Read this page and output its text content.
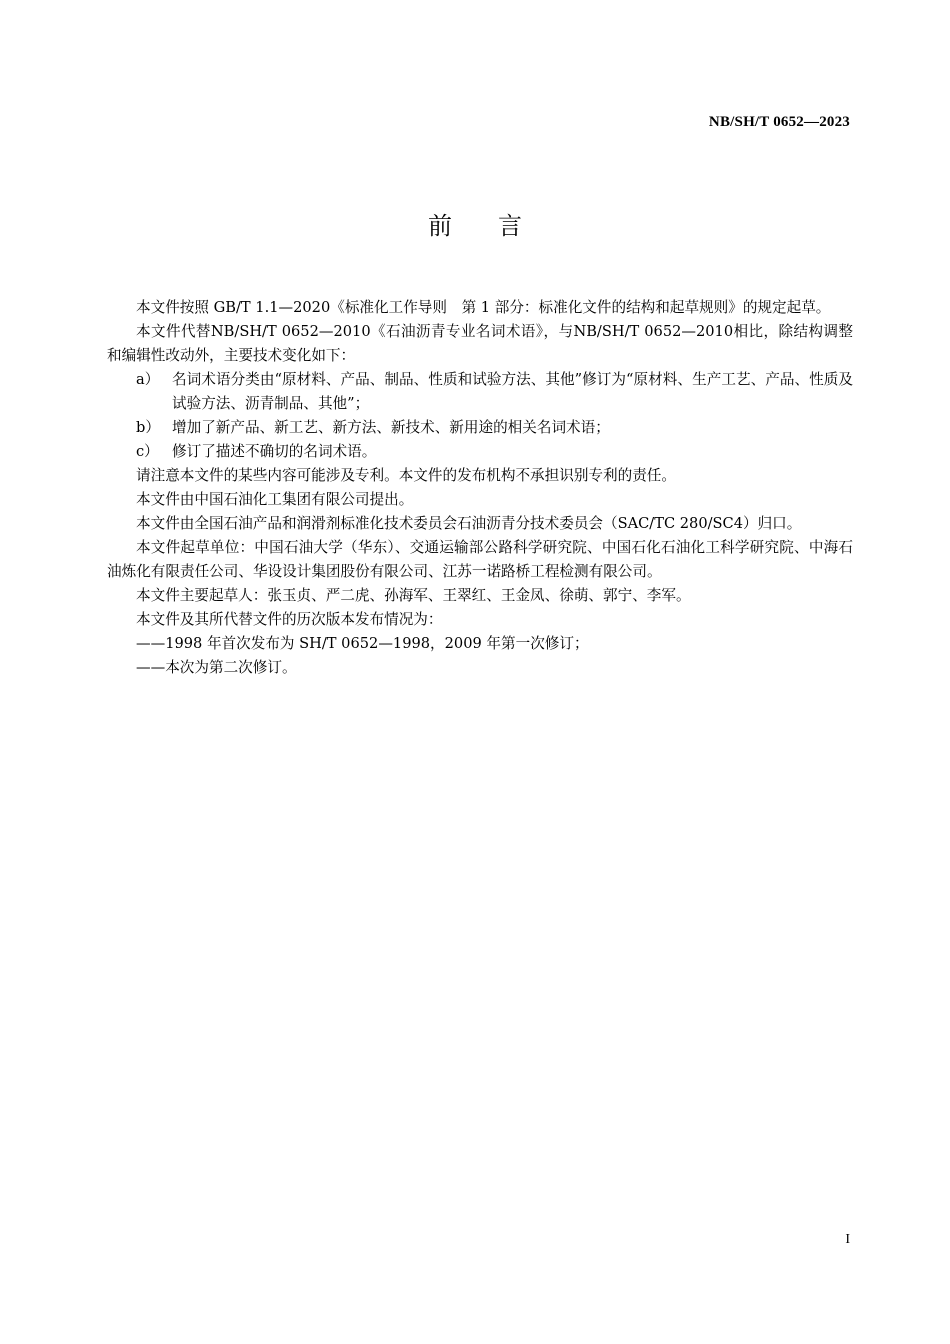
NB/SH/T 0652—2023
前言

本文件按照 GB/T 1.1—2020《标准化工作导则　第 1 部分：标准化文件的结构和起草规则》的规定起草。

本文件代替NB/SH/T 0652—2010《石油沥青专业名词术语》，与NB/SH/T 0652—2010相比，除结构调整和编辑性改动外，主要技术变化如下：

a） 名词术语分类由“原材料、产品、制品、性质和试验方法、其他”修订为“原材料、生产工艺、产品、性质及试验方法、沥青制品、其他”；

b） 增加了新产品、新工艺、新方法、新技术、新用途的相关名词术语；

c） 修订了描述不确切的名词术语。

请注意本文件的某些内容可能涉及专利。本文件的发布机构不承担识别专利的责任。

本文件由中国石油化工集团有限公司提出。

本文件由全国石油产品和润滑剂标准化技术委员会石油沥青分技术委员会（SAC/TC 280/SC4）归口。

本文件起草单位：中国石油大学（华东）、交通运输部公路科学研究院、中国石化石油化工科学研究院、中海石油炼化有限责任公司、华设设计集团股份有限公司、江苏一诺路桥工程检测有限公司。

本文件主要起草人：张玉贞、严二虎、孙海军、王翠红、王金凤、徐萌、郭宁、李军。

本文件及其所代替文件的历次版本发布情况为：

——1998 年首次发布为 SH/T 0652—1998，2009 年第一次修订；

——本次为第二次修订。

I
